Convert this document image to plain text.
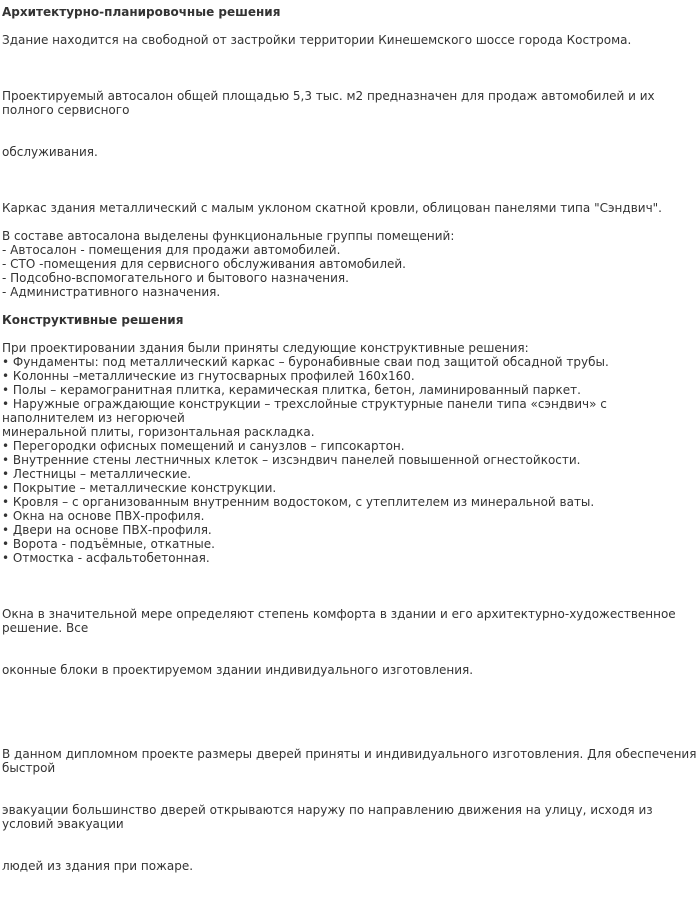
Архитектурно-планировочные решения

Здание находится на свободной от застройки территории Кинешемского шоссе города Кострома.

Проектируемый автосалон общей площадью 5,3 тыс. м2 предназначен для продаж автомобилей и их полного сервисного

обслуживания.

Каркас здания металлический с малым уклоном скатной кровли, облицован панелями типа "Сэндвич".

В составе автосалона выделены функциональные группы помещений:
- Автосалон - помещения для продажи автомобилей.
- СТО -помещения для сервисного обслуживания автомобилей.
- Подсобно-вспомогательного и бытового назначения.
- Административного назначения.

Конструктивные решения

При проектировании здания были приняты следующие конструктивные решения:
• Фундаменты: под металлический каркас – буронабивные сваи под защитой обсадной трубы.
• Колонны –металлические из гнутосварных профилей 160х160.
• Полы – керамогранитная плитка, керамическая плитка, бетон, ламинированный паркет.
• Наружные ограждающие конструкции – трехслойные структурные панели типа «сэндвич» с наполнителем из негорючей
минеральной плиты, горизонтальная раскладка.
• Перегородки офисных помещений и санузлов – гипсокартон.
• Внутренние стены лестничных клеток – изсэндвич панелей повышенной огнестойкости.
• Лестницы – металлические.
• Покрытие – металлические конструкции.
• Кровля – с организованным внутренним водостоком, с утеплителем из минеральной ваты.
• Окна на основе ПВХ-профиля.
• Двери на основе ПВХ-профиля.
• Ворота - подъёмные, откатные.
• Отмостка - асфальтобетонная.

Окна в значительной мере определяют степень комфорта в здании и его архитектурно-художественное решение. Все

оконные блоки в проектируемом здании индивидуального изготовления.

В данном дипломном проекте размеры дверей приняты и индивидуального изготовления. Для обеспечения быстрой

эвакуации большинство дверей открываются наружу по направлению движения на улицу, исходя из условий эвакуации

людей из здания при пожаре.
